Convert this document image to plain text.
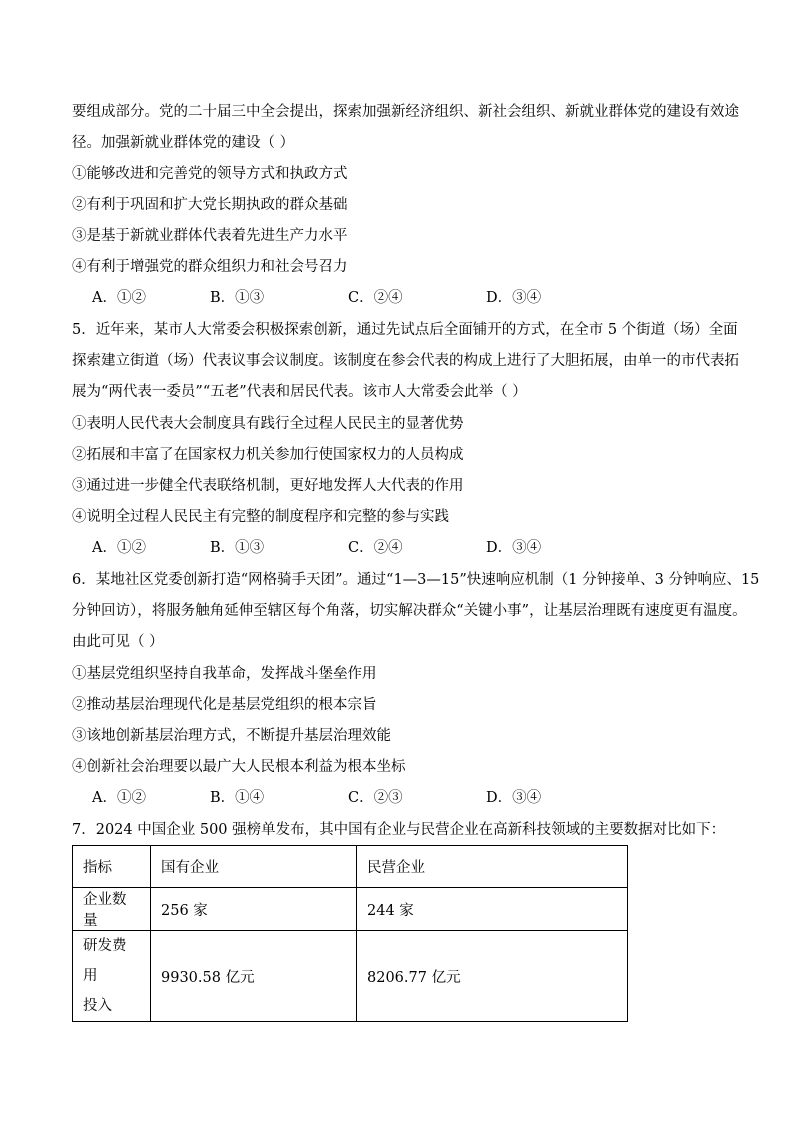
要组成部分。党的二十届三中全会提出，探索加强新经济组织、新社会组织、新就业群体党的建设有效途
径。加强新就业群体党的建设（ ）
①能够改进和完善党的领导方式和执政方式
②有利于巩固和扩大党长期执政的群众基础
③是基于新就业群体代表着先进生产力水平
④有利于增强党的群众组织力和社会号召力
A．①②	B．①③	C．②④	D．③④
5．近年来，某市人大常委会积极探索创新，通过先试点后全面铺开的方式，在全市 5 个街道（场）全面
探索建立街道（场）代表议事会议制度。该制度在参会代表的构成上进行了大胆拓展，由单一的市代表拓
展为“两代表一委员”“五老”代表和居民代表。该市人大常委会此举（ ）
①表明人民代表大会制度具有践行全过程人民民主的显著优势
②拓展和丰富了在国家权力机关参加行使国家权力的人员构成
③通过进一步健全代表联络机制，更好地发挥人大代表的作用
④说明全过程人民民主有完整的制度程序和完整的参与实践
A．①②	B．①③	C．②④	D．③④
6．某地社区党委创新打造“网格骑手天团”。通过“1—3—15”快速响应机制（1 分钟接单、3 分钟响应、15
分钟回访），将服务触角延伸至辖区每个角落，切实解决群众“关键小事”，让基层治理既有速度更有温度。
由此可见（ ）
①基层党组织坚持自我革命，发挥战斗堡垒作用
②推动基层治理现代化是基层党组织的根本宗旨
③该地创新基层治理方式，不断提升基层治理效能
④创新社会治理要以最广大人民根本利益为根本坐标
A．①②	B．①④	C．②③	D．③④
7．2024 中国企业 500 强榜单发布，其中国有企业与民营企业在高新科技领域的主要数据对比如下：
指标	国有企业	民营企业
企业数量	256 家	244 家

研发费用
投入	9930.58 亿元	8206.77 亿元
